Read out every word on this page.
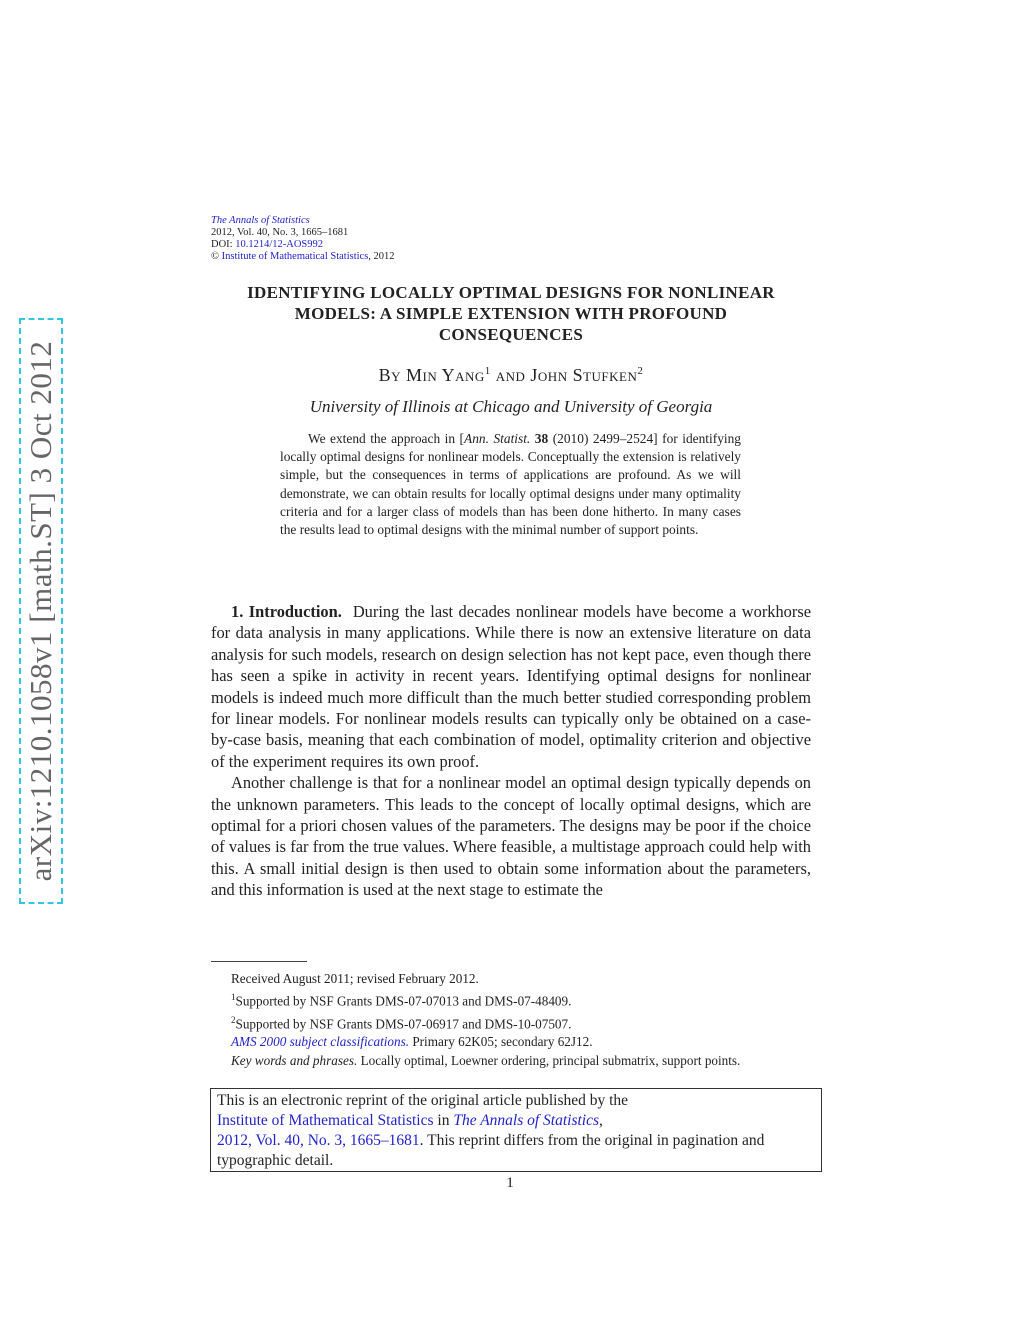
arXiv:1210.1058v1 [math.ST] 3 Oct 2012
The Annals of Statistics
2012, Vol. 40, No. 3, 1665–1681
DOI: 10.1214/12-AOS992
© Institute of Mathematical Statistics, 2012
IDENTIFYING LOCALLY OPTIMAL DESIGNS FOR NONLINEAR
MODELS: A SIMPLE EXTENSION WITH PROFOUND
CONSEQUENCES
By Min Yang$^1$ and John Stufken$^2$
University of Illinois at Chicago and University of Georgia
We extend the approach in [Ann. Statist. 38 (2010) 2499–2524] for identifying locally optimal designs for nonlinear models. Conceptually the extension is relatively simple, but the consequences in terms of applications are profound. As we will demonstrate, we can obtain results for locally optimal designs under many optimality criteria and for a larger class of models than has been done hitherto. In many cases the results lead to optimal designs with the minimal number of support points.

1. Introduction. During the last decades nonlinear models have become a workhorse for data analysis in many applications. While there is now an extensive literature on data analysis for such models, research on design selection has not kept pace, even though there has seen a spike in activity in recent years. Identifying optimal designs for nonlinear models is indeed much more difficult than the much better studied corresponding problem for linear models. For nonlinear models results can typically only be obtained on a case-by-case basis, meaning that each combination of model, optimality criterion and objective of the experiment requires its own proof.

Another challenge is that for a nonlinear model an optimal design typically depends on the unknown parameters. This leads to the concept of locally optimal designs, which are optimal for a priori chosen values of the parameters. The designs may be poor if the choice of values is far from the true values. Where feasible, a multistage approach could help with this. A small initial design is then used to obtain some information about the parameters, and this information is used at the next stage to estimate the

Received August 2011; revised February 2012.

$^1$Supported by NSF Grants DMS-07-07013 and DMS-07-48409.

$^2$Supported by NSF Grants DMS-07-06917 and DMS-10-07507.

AMS 2000 subject classifications. Primary 62K05; secondary 62J12.

Key words and phrases. Locally optimal, Loewner ordering, principal submatrix, support points.

This is an electronic reprint of the original article published by the
Institute of Mathematical Statistics in The Annals of Statistics,
2012, Vol. 40, No. 3, 1665–1681. This reprint differs from the original in pagination and typographic detail.
1
